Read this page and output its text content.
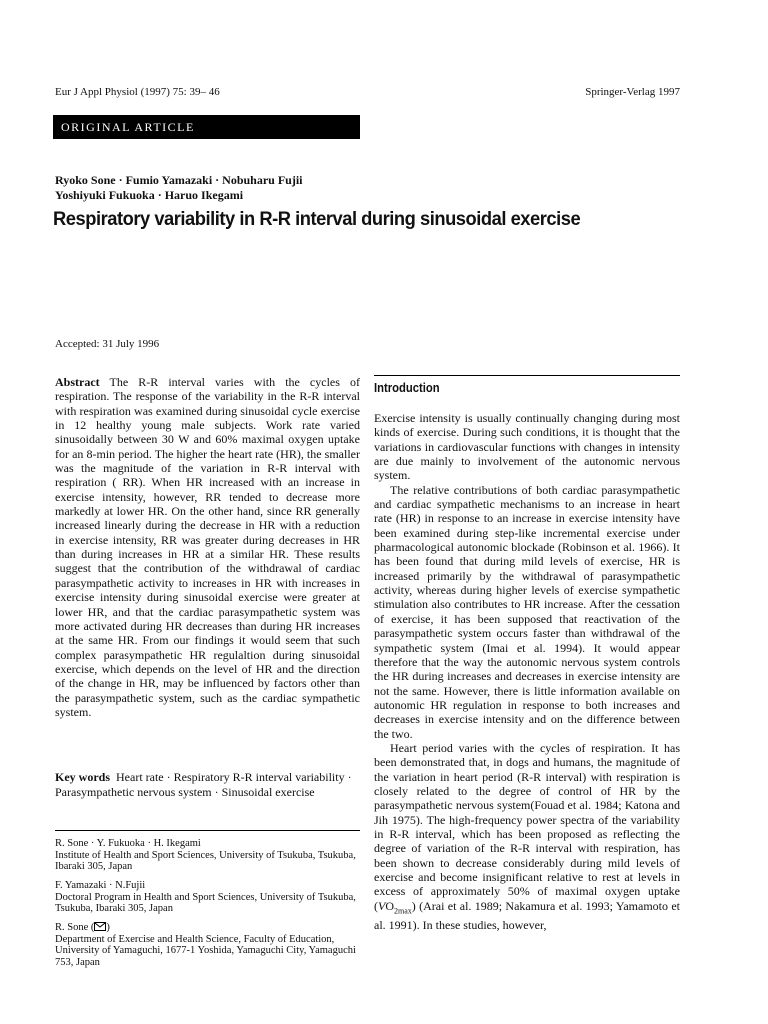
Eur J Appl Physiol (1997) 75: 39– 46	Springer-Verlag 1997
ORIGINAL ARTICLE
Ryoko Sone · Fumio Yamazaki · Nobuharu Fujii
Yoshiyuki Fukuoka · Haruo Ikegami
Respiratory variability in R-R interval during sinusoidal exercise
Accepted: 31 July 1996

Abstract The R-R interval varies with the cycles of respiration. The response of the variability in the R-R interval with respiration was examined during sinusoidal cycle exercise in 12 healthy young male subjects. Work rate varied sinusoidally between 30 W and 60% maximal oxygen uptake for an 8-min period. The higher the heart rate (HR), the smaller was the magnitude of the variation in R-R interval with respiration ( RR). When HR increased with an increase in exercise intensity, however, RR tended to decrease more markedly at lower HR. On the other hand, since RR generally increased linearly during the decrease in HR with a reduction in exercise intensity, RR was greater during decreases in HR than during increases in HR at a similar HR. These results suggest that the contribution of the withdrawal of cardiac parasympathetic activity to increases in HR with increases in exercise intensity during sinusoidal exercise were greater at lower HR, and that the cardiac parasympathetic system was more activated during HR decreases than during HR increases at the same HR. From our findings it would seem that such complex parasympathetic HR regulaltion during sinusoidal exercise, which depends on the level of HR and the direction of the change in HR, may be influenced by factors other than the parasympathetic system, such as the cardiac sympathetic system.

Key words Heart rate · Respiratory R-R interval variability · Parasympathetic nervous system · Sinusoidal exercise

R. Sone · Y. Fukuoka · H. Ikegami

Institute of Health and Sport Sciences, University of Tsukuba, Tsukuba, Ibaraki 305, Japan

F. Yamazaki · N.Fujii

Doctoral Program in Health and Sport Sciences, University of Tsukuba, Tsukuba, Ibaraki 305, Japan

R. Sone ( )

Department of Exercise and Health Science, Faculty of Education, University of Yamaguchi, 1677-1 Yoshida, Yamaguchi City, Yamaguchi 753, Japan

Introduction

Exercise intensity is usually continually changing during most kinds of exercise. During such conditions, it is thought that the variations in cardiovascular functions with changes in intensity are due mainly to involvement of the autonomic nervous system.

The relative contributions of both cardiac parasympathetic and cardiac sympathetic mechanisms to an increase in heart rate (HR) in response to an increase in exercise intensity have been examined during step-like incremental exercise under pharmacological autonomic blockade (Robinson et al. 1966). It has been found that during mild levels of exercise, HR is increased primarily by the withdrawal of parasympathetic activity, whereas during higher levels of exercise sympathetic stimulation also contributes to HR increase. After the cessation of exercise, it has been supposed that reactivation of the parasympathetic system occurs faster than withdrawal of the sympathetic system (Imai et al. 1994). It would appear therefore that the way the autonomic nervous system controls the HR during increases and decreases in exercise intensity are not the same. However, there is little information available on autonomic HR regulation in response to both increases and decreases in exercise intensity and on the difference between the two.

Heart period varies with the cycles of respiration. It has been demonstrated that, in dogs and humans, the magnitude of the variation in heart period (R-R interval) with respiration is closely related to the degree of control of HR by the parasympathetic nervous system(Fouad et al. 1984; Katona and Jih 1975). The high-frequency power spectra of the variability in R-R interval, which has been proposed as reflecting the degree of variation of the R-R interval with respiration, has been shown to decrease considerably during mild levels of exercise and become insignificant relative to rest at levels in excess of approximately 50% of maximal oxygen uptake $(VO_{2max})$ (Arai et al. 1989; Nakamura et al. 1993; Yamamoto et al. 1991). In these studies, however,
